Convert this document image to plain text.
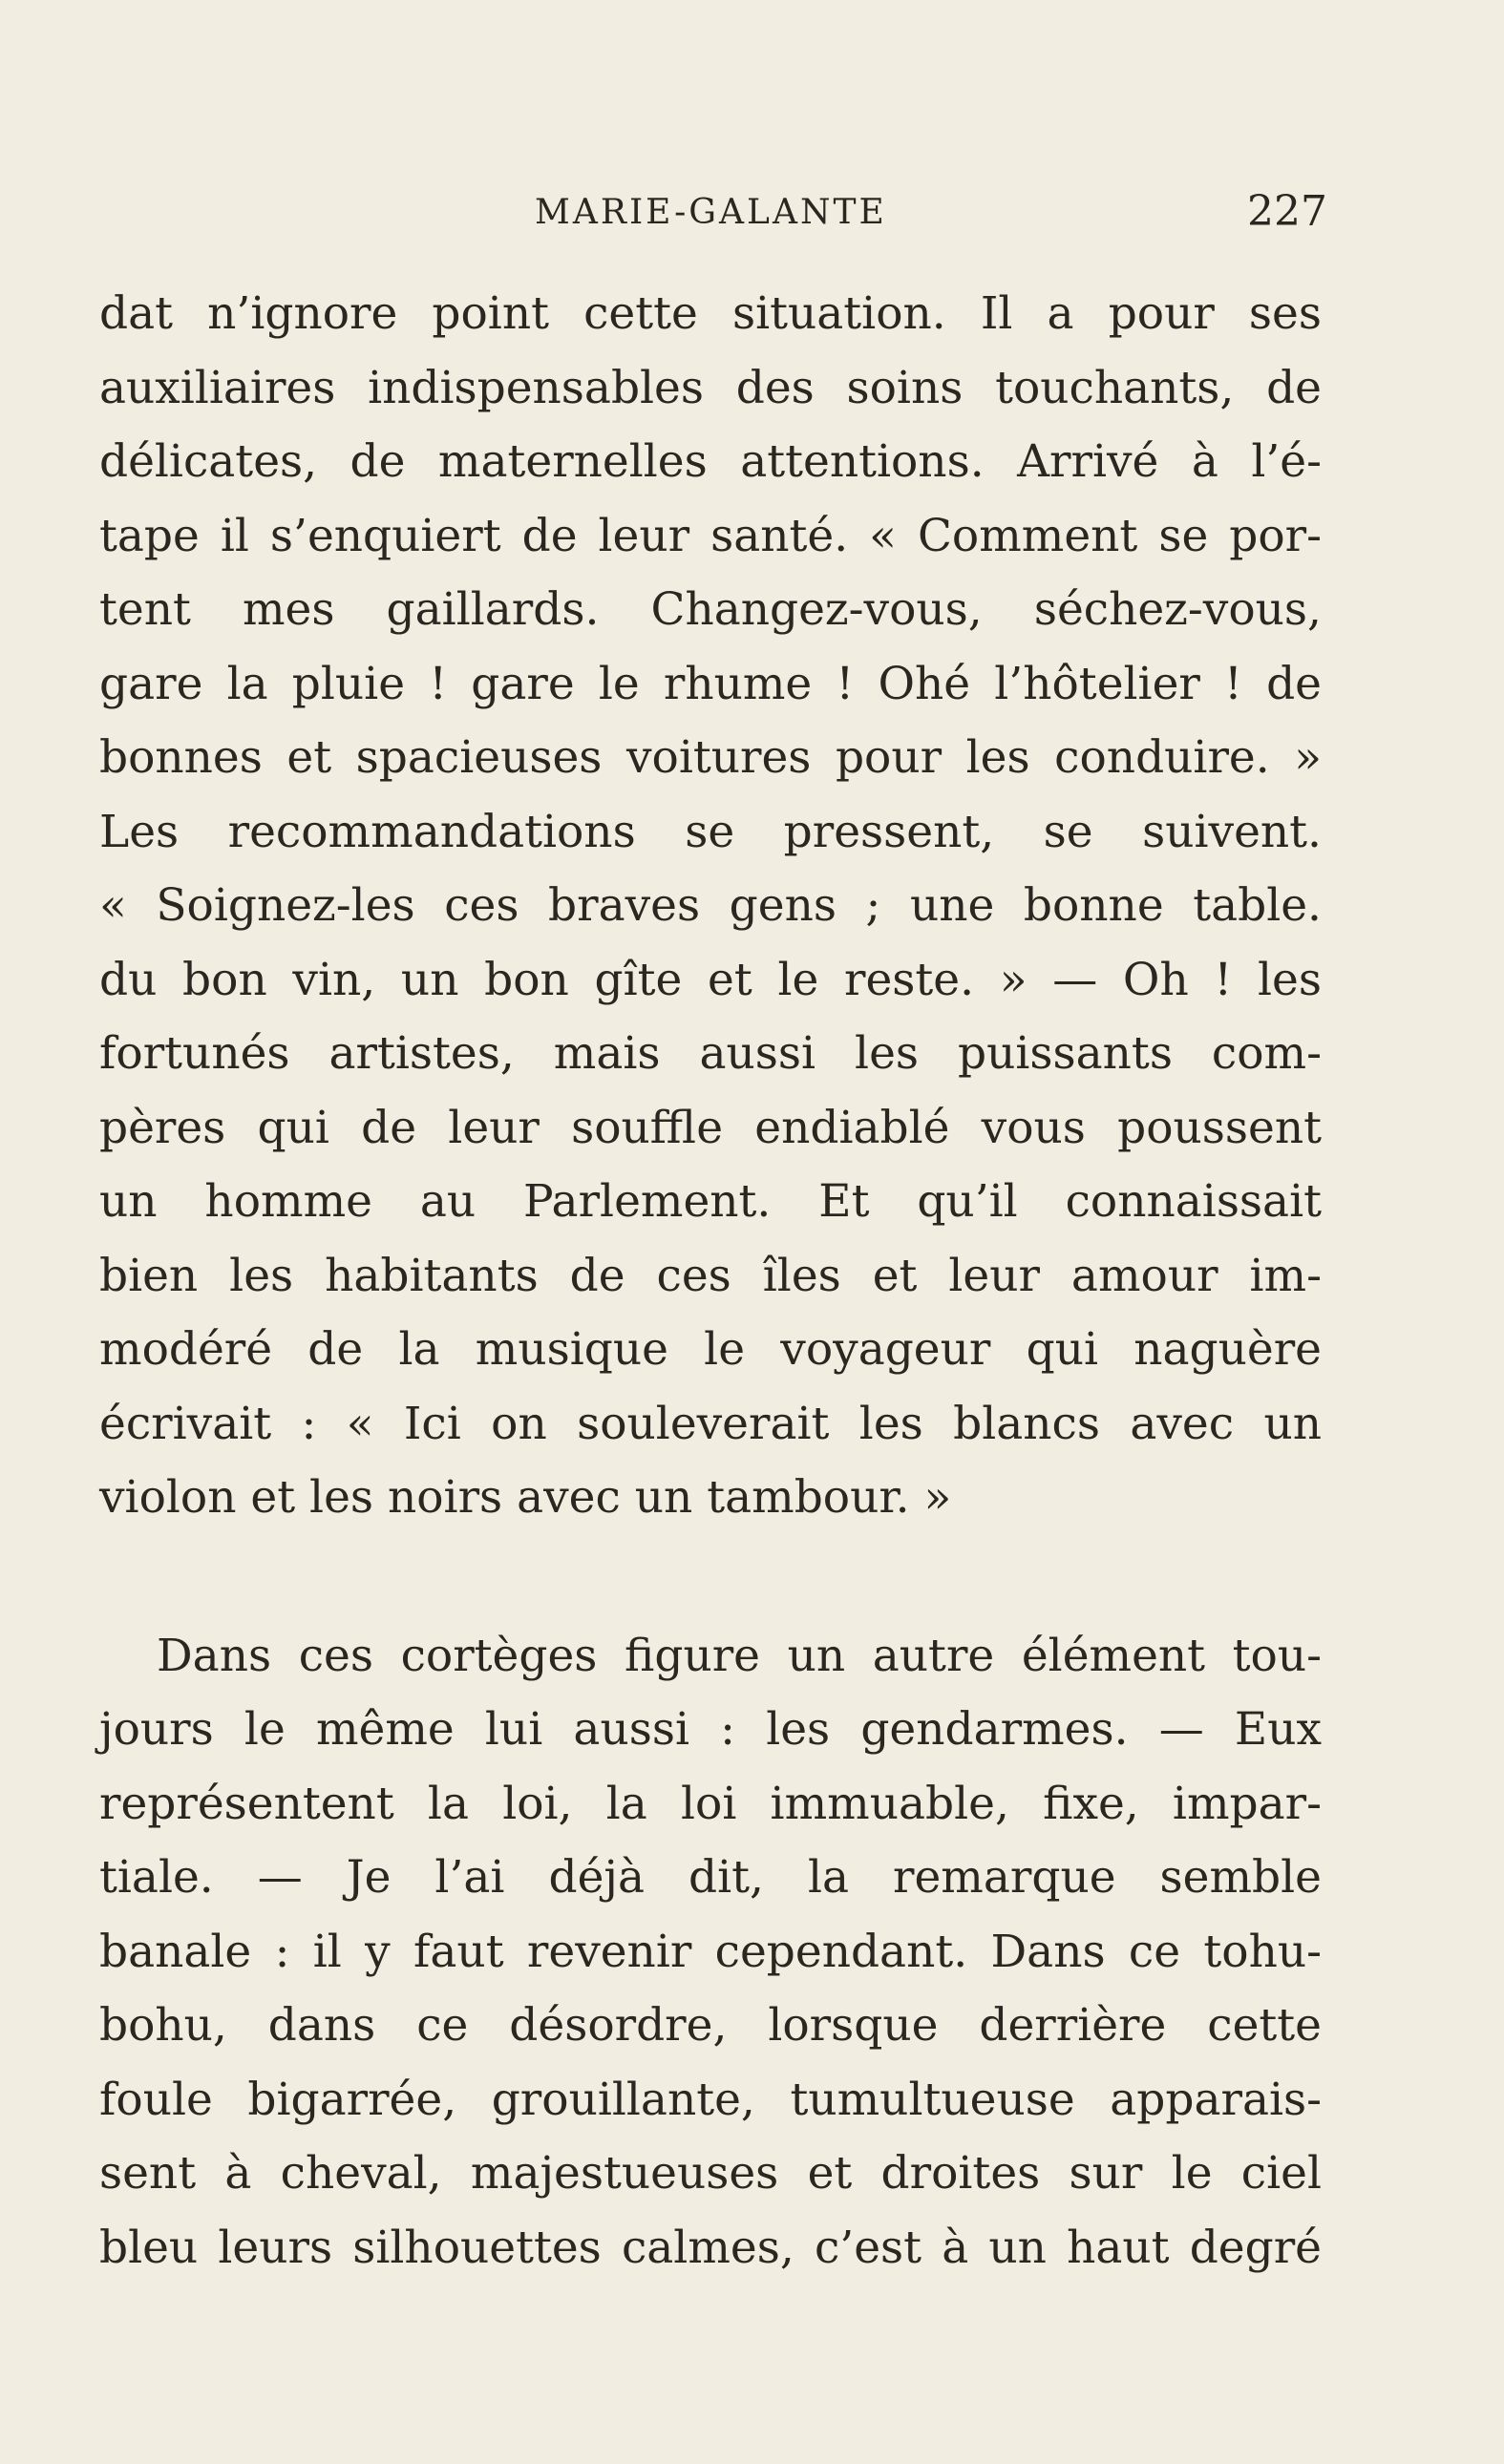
MARIE-GALANTE	227
dat n’ignore point cette situation. Il a pour ses
auxiliaires indispensables des soins touchants, de
délicates, de maternelles attentions. Arrivé à l’é-
tape il s’enquiert de leur santé. « Comment se por-
tent mes gaillards. Changez-vous, séchez-vous,
gare la pluie ! gare le rhume ! Ohé l’hôtelier ! de
bonnes et spacieuses voitures pour les conduire. »
Les recommandations se pressent, se suivent.
« Soignez-les ces braves gens ; une bonne table.
du bon vin, un bon gîte et le reste. » — Oh ! les
fortunés artistes, mais aussi les puissants com-
pères qui de leur souffle endiablé vous poussent
un homme au Parlement. Et qu’il connaissait
bien les habitants de ces îles et leur amour im-
modéré de la musique le voyageur qui naguère
écrivait : « Ici on souleverait les blancs avec un
violon et les noirs avec un tambour. »
Dans ces cortèges figure un autre élément tou-
jours le même lui aussi : les gendarmes. — Eux
représentent la loi, la loi immuable, fixe, impar-
tiale. — Je l’ai déjà dit, la remarque semble
banale : il y faut revenir cependant. Dans ce tohu-
bohu, dans ce désordre, lorsque derrière cette
foule bigarrée, grouillante, tumultueuse apparais-
sent à cheval, majestueuses et droites sur le ciel
bleu leurs silhouettes calmes, c’est à un haut degré
